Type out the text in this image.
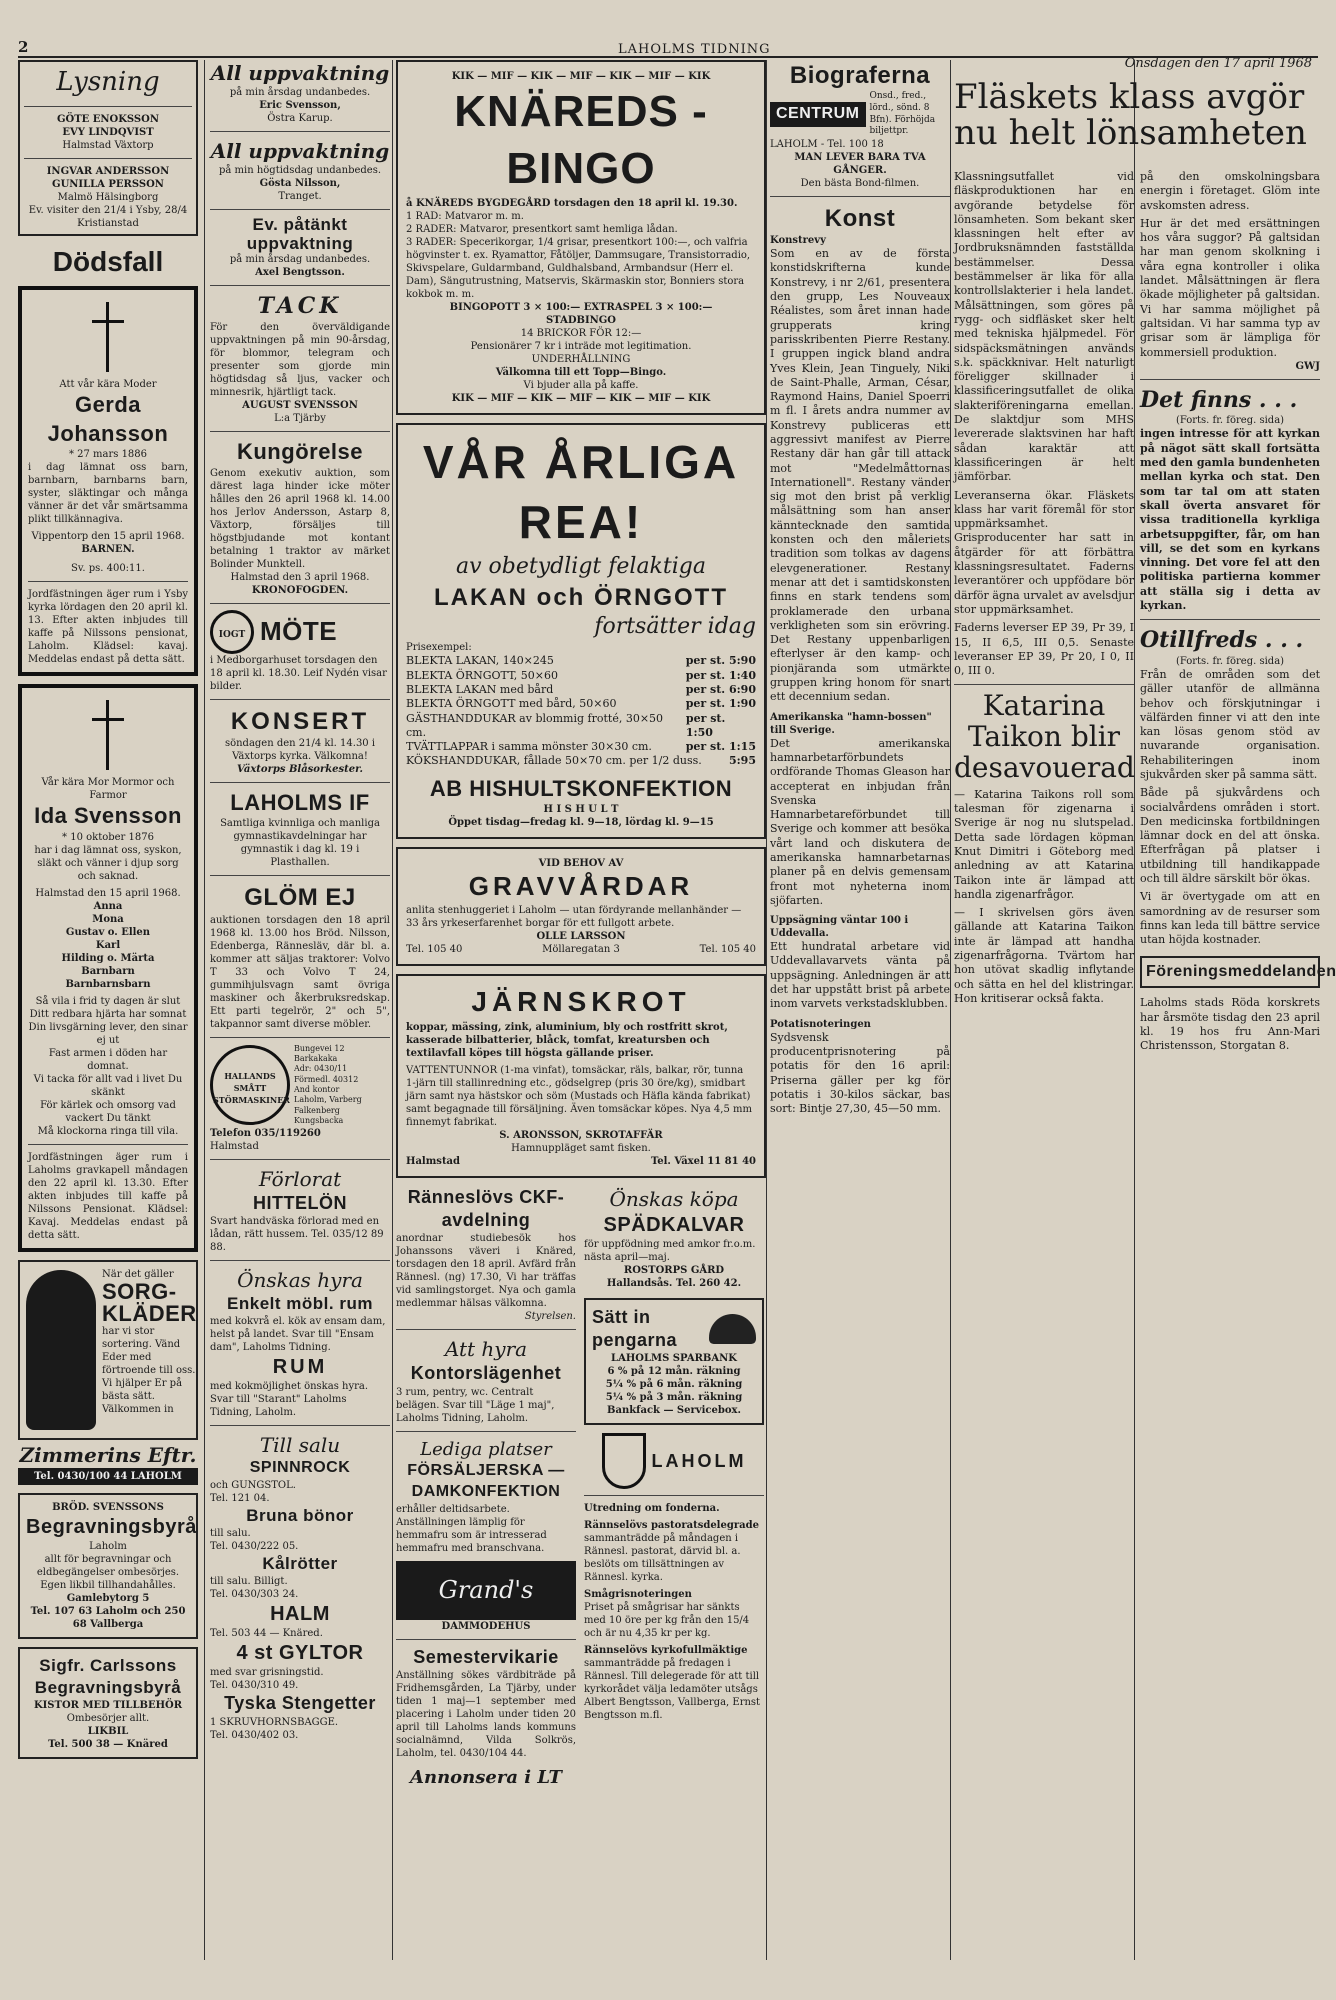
2	LAHOLMS TIDNING
Onsdagen den 17 april 1968
Lysning
GÖTE ENOKSSON
EVY LINDQVIST
Halmstad Växtorp
INGVAR ANDERSSON
GUNILLA PERSSON
Malmö Hälsingborg
Ev. visiter den 21/4 i Ysby, 28/4 Kristianstad
Dödsfall
Att vår kära Moder
Gerda Johansson
* 27 mars 1886
i dag lämnat oss barn, barnbarn, barnbarns barn, syster, släktingar och många vänner är det vår smärtsamma plikt tillkännagiva.
Vippentorp den 15 april 1968.
BARNEN.
Sv. ps. 400:11.
Jordfästningen äger rum i Ysby kyrka lördagen den 20 april kl. 13. Efter akten inbjudes till kaffe på Nilssons pensionat, Laholm. Klädsel: kavaj. Meddelas endast på detta sätt.
Vår kära Mor Mormor och Farmor
Ida Svensson
* 10 oktober 1876
har i dag lämnat oss, syskon, släkt och vänner i djup sorg och saknad.
Halmstad den 15 april 1968.
Anna
Mona
Gustav o. Ellen
Karl
Hilding o. Märta
Barnbarn
Barnbarnsbarn
Så vila i frid ty dagen är slut
Ditt redbara hjärta har somnat
Din livsgärning lever, den sinar ej ut
Fast armen i döden har domnat.
Vi tacka för allt vad i livet Du skänkt
För kärlek och omsorg vad vackert Du tänkt
Må klockorna ringa till vila.
Jordfästningen äger rum i Laholms gravkapell måndagen den 22 april kl. 13.30. Efter akten inbjudes till kaffe på Nilssons Pensionat. Klädsel: Kavaj. Meddelas endast på detta sätt.
När det gäller
SORG-KLÄDER
har vi stor sortering. Vänd Eder med förtroende till oss. Vi hjälper Er på bästa sätt. Välkommen in
Zimmerins Eftr.
Tel. 0430/100 44 LAHOLM
BRÖD. SVENSSONS
Begravningsbyrå
Laholm
allt för begravningar och eldbegängelser ombesörjes. Egen likbil tillhandahålles.
Gamlebytorg 5
Tel. 107 63 Laholm och 250 68 Vallberga
Sigfr. Carlssons Begravningsbyrå
KISTOR MED TILLBEHÖR
Ombesörjer allt.
LIKBIL
Tel. 500 38 — Knäred
All uppvaktning
på min årsdag undanbedes.
Eric Svensson,
Östra Karup.
All uppvaktning
på min högtidsdag undanbedes.
Gösta Nilsson,
Tranget.
Ev. påtänkt uppvaktning
på min årsdag undanbedes.
Axel Bengtsson.
TACK
För den överväldigande uppvaktningen på min 90-årsdag, för blommor, telegram och presenter som gjorde min högtidsdag så ljus, vacker och minnesrik, hjärtligt tack.
AUGUST SVENSSON
L:a Tjärby
Kungörelse
Genom exekutiv auktion, som därest laga hinder icke möter hålles den 26 april 1968 kl. 14.00 hos Jerlov Andersson, Astarp 8, Växtorp, försäljes till högstbjudande mot kontant betalning 1 traktor av märket Bolinder Munktell.
Halmstad den 3 april 1968.
KRONOFOGDEN.
IOGT MÖTE
i Medborgarhuset torsdagen den 18 april kl. 18.30. Leif Nydén visar bilder.
KONSERT
söndagen den 21/4 kl. 14.30 i Växtorps kyrka. Välkomna!
Växtorps Blåsorkester.
LAHOLMS IF
Samtliga kvinnliga och manliga gymnastikavdelningar har gymnastik i dag kl. 19 i Plasthallen.
GLÖM EJ
auktionen torsdagen den 18 april 1968 kl. 13.00 hos Bröd. Nilsson, Edenberga, Rännesläv, där bl. a. kommer att säljas traktorer: Volvo T 33 och Volvo T 24, gummihjulsvagn samt övriga maskiner och åkerbruksredskap. Ett parti tegelrör, 2" och 5", takpannor samt diverse möbler.
HALLANDS SMÅTT STÖRMASKINER
Bungevei 12
Barkakaka
Adr: 0430/11
Förmedl. 40312
And kontor
Laholm, Varberg
Falkenberg
Kungsbacka
Telefon 035/119260
Halmstad
Förlorat
HITTELÖN
Svart handväska förlorad med en lådan, rätt hussem. Tel. 035/12 89 88.
Önskas hyra
Enkelt möbl. rum
med kokvrå el. kök av ensam dam, helst på landet. Svar till "Ensam dam", Laholms Tidning.
RUM
med kokmöjlighet önskas hyra. Svar till "Starant" Laholms Tidning, Laholm.
Till salu
SPINNROCK
och GUNGSTOL.
Tel. 121 04.
Bruna bönor
till salu.
Tel. 0430/222 05.
Kålrötter
till salu. Billigt.
Tel. 0430/303 24.
HALM
Tel. 503 44 — Knäred.
4 st GYLTOR
med svar grisningstid.
Tel. 0430/310 49.
Tyska Stengetter
1 SKRUVHORNSBAGGE.
Tel. 0430/402 03.
KIK — MIF — KIK — MIF — KIK — MIF — KIK
KNÄREDS - BINGO
å KNÄREDS BYGDEGÅRD torsdagen den 18 april kl. 19.30.
1 RAD: Matvaror m. m.
2 RADER: Matvaror, presentkort samt hemliga lådan.
3 RADER: Specerikorgar, 1/4 grisar, presentkort 100:—, och valfria högvinster t. ex. Ryamattor, Fåtöljer, Dammsugare, Transistorradio, Skivspelare, Guldarmband, Guldhalsband, Armbandsur (Herr el. Dam), Sängutrustning, Matservis, Skärmaskin stor, Bonniers stora kokbok m. m.
BINGOPOTT 3 × 100:— EXTRASPEL 3 × 100:—
STADBINGO
14 BRICKOR FÖR 12:—
Pensionärer 7 kr i inträde mot legitimation.
UNDERHÅLLNING
Välkomna till ett Topp—Bingo.
Vi bjuder alla på kaffe.
KIK — MIF — KIK — MIF — KIK — MIF — KIK
VÅR ÅRLIGA REA!
av obetydligt felaktiga
LAKAN och ÖRNGOTT
fortsätter idag
Prisexempel:
BLEKTA LAKAN, 140×245	per st. 5:90
BLEKTA ÖRNGOTT, 50×60	per st. 1:40
BLEKTA LAKAN med bård	per st. 6:90
BLEKTA ÖRNGOTT med bård, 50×60	per st. 1:90
GÄSTHANDDUKAR av blommig frotté, 30×50 cm.
per st. 1:50
TVÄTTLAPPAR i samma mönster 30×30 cm.	per st. 1:15
KÖKSHANDDUKAR, fållade 50×70 cm. per 1/2 duss. 5:95
AB HISHULTSKONFEKTION
H I S H U L T
Öppet tisdag—fredag kl. 9—18, lördag kl. 9—15
VID BEHOV AV
GRAVVÅRDAR
anlita stenhuggeriet i Laholm — utan fördyrande mellanhänder — 33 års yrkeserfarenhet borgar för ett fullgott arbete.
OLLE LARSSON
Tel. 105 40	Möllaregatan 3	Tel. 105 40
JÄRNSKROT
koppar, mässing, zink, aluminium, bly och rostfritt skrot, kasserade bilbatterier, blåck, tomfat, kreatursben och textilavfall köpes till högsta gällande priser.
VATTENTUNNOR (1-ma vinfat), tomsäckar, räls, balkar, rör, tunna 1-järn till stallinredning etc., gödselgrep (pris 30 öre/kg), smidbart järn samt nya hästskor och söm (Mustads och Häfla kända fabrikat) samt begagnade till försäljning. Även tomsäckar köpes. Nya 4,5 mm finnemyt fabrikat.
S. ARONSSON, SKROTAFFÄR
Hamnuppläget samt fisken.
Halmstad	Tel. Växel 11 81 40
Ränneslövs CKF-avdelning
anordnar studiebesök hos Johanssons väveri i Knäred, torsdagen den 18 april. Avfärd från Rännesl. (ng) 17.30, Vi har träffas vid samlingstorget. Nya och gamla medlemmar hälsas välkomna.
Styrelsen.
Att hyra
Kontorslägenhet
3 rum, pentry, wc. Centralt belägen. Svar till "Läge 1 maj", Laholms Tidning, Laholm.
Lediga platser
FÖRSÄLJERSKA — DAMKONFEKTION
erhåller deltidsarbete. Anställningen lämplig för hemmafru som är intresserad hemmafru med branschvana.
Grand's
DAMMODEHUS
Semestervikarie
Anställning sökes värdbiträde på Fridhemsgården, La Tjärby, under tiden 1 maj—1 september med placering i Laholm under tiden 20 april till Laholms lands kommuns socialnämnd, Vilda Solkrös, Laholm, tel. 0430/104 44.
Annonsera i LT
Önskas köpa
SPÄDKALVAR
för uppfödning med amkor fr.o.m. nästa april—maj.
ROSTORPS GÅRD
Hallandsås. Tel. 260 42.
Sätt in pengarna
LAHOLMS SPARBANK
6 % på 12 mån. räkning
5¼ % på 6 mån. räkning
5¼ % på 3 mån. räkning
Bankfack — Servicebox.
LAHOLM
Utredning om fonderna.
Rännselövs pastoratsdelegrade
sammanträdde på måndagen i Rännesl. pastorat, därvid bl. a. beslöts om tillsättningen av Rännesl. kyrka.
Smågrisnoteringen
Priset på smågrisar har sänkts med 10 öre per kg från den 15/4 och är nu 4,35 kr per kg.
Rännselövs kyrkofullmäktige
sammanträdde på fredagen i Rännesl. Till delegerade för att till kyrkorådet välja ledamöter utsågs Albert Bengtsson, Vallberga, Ernst Bengtsson m.fl.
Biograferna
CENTRUM
Onsd., fred., lörd., sönd. 8
Bfn). Förhöjda biljettpr.
LAHOLM - Tel. 100 18
MAN LEVER BARA TVA GÅNGER.
Den bästa Bond-filmen.
Konst
Konstrevy
Som en av de första konstidskrifterna kunde Konstrevy, i nr 2/61, presentera den grupp, Les Nouveaux Réalistes, som året innan hade grupperats kring parisskribenten Pierre Restany. I gruppen ingick bland andra Yves Klein, Jean Tinguely, Niki de Saint-Phalle, Arman, César, Raymond Hains, Daniel Spoerri m fl. I årets andra nummer av Konstrevy publiceras ett aggressivt manifest av Pierre Restany där han går till attack mot "Medelmåttornas Internationell". Restany vänder sig mot den brist på verklig målsättning som han anser känntecknade den samtida konsten och den måleriets tradition som tolkas av dagens elevgenerationer. Restany menar att det i samtidskonsten finns en stark tendens som proklamerade den urbana verkligheten som sin erövring. Det Restany uppenbarligen efterlyser är den kamp- och pionjäranda som utmärkte gruppen kring honom för snart ett decennium sedan.
Amerikanska "hamn-bossen" till Sverige.
Det amerikanska hamnarbetarförbundets ordförande Thomas Gleason har accepterat en inbjudan från Svenska Hamnarbetareförbundet till Sverige och kommer att besöka vårt land och diskutera de amerikanska hamnarbetarnas planer på en delvis gemensam front mot nyheterna inom sjöfarten.
Uppsägning väntar 100 i Uddevalla.
Ett hundratal arbetare vid Uddevallavarvets vänta på uppsägning. Anledningen är att det har uppstått brist på arbete inom varvets verkstadsklubben.
Potatisnoteringen
Sydsvensk producentprisnotering på potatis för den 16 april: Priserna gäller per kg för potatis i 30-kilos säckar, bas sort: Bintje 27,30, 45—50 mm.
Fläskets klass avgör nu helt lönsamheten
Klassningsutfallet vid fläskproduktionen har en avgörande betydelse för lönsamheten. Som bekant sker klassningen helt efter av Jordbruksnämnden fastställda bestämmelser. Dessa bestämmelser är lika för alla kontrollslakterier i hela landet. Målsättningen, som göres på rygg- och sidfläsket sker helt med tekniska hjälpmedel. För sidspäcksmätningen används s.k. späckknivar. Helt naturligt föreligger skillnader i klassificeringsutfallet de olika slakteriföreningarna emellan. De slaktdjur som MHS levererade slaktsvinen har haft sådan karaktär att klassificeringen är helt jämförbar.
Leveranserna ökar. Fläskets klass har varit föremål för stor uppmärksamhet. Grisproducenter har satt in åtgärder för att förbättra klassningsresultatet. Faderns leverantörer och uppfödare bör därför ägna urvalet av avelsdjur stor uppmärksamhet.
Faderns leverser EP 39, Pr 39, I 15, II 6,5, III 0,5. Senaste leveranser EP 39, Pr 20, I 0, II 0, III 0.
Katarina Taikon blir desavouerad
— Katarina Taikons roll som talesman för zigenarna i Sverige är nog nu slutspelad. Detta sade lördagen köpman Knut Dimitri i Göteborg med anledning av att Katarina Taikon inte är lämpad att handla zigenarfrågor.
— I skrivelsen görs även gällande att Katarina Taikon inte är lämpad att handha zigenarfrågorna. Tvärtom har hon utövat skadlig inflytande och sätta en hel del klistringar. Hon kritiserar också fakta.
på den omskolningsbara energin i företaget. Glöm inte avskomsten adress.
Hur är det med ersättningen hos våra suggor? På galtsidan har man genom skolkning i våra egna kontroller i olika landet. Målsättningen är flera ökade möjligheter på galtsidan. Vi har samma möjlighet på galtsidan. Vi har samma typ av grisar som är lämpliga för kommersiell produktion.
GWJ
Det finns . . .
(Forts. fr. föreg. sida)
ingen intresse för att kyrkan på nägot sätt skall fortsätta med den gamla bundenheten mellan kyrka och stat. Den som tar tal om att staten skall överta ansvaret för vissa traditionella kyrkliga arbetsuppgifter, får, om han vill, se det som en kyrkans vinning. Det vore fel att den politiska partierna kommer att ställa sig i detta av kyrkan.
Otillfreds . . .
(Forts. fr. föreg. sida)
Från de områden som det gäller utanför de allmänna behov och förskjutningar i välfärden finner vi att den inte kan lösas genom stöd av nuvarande organisation. Rehabiliteringen inom sjukvården sker på samma sätt.
Både på sjukvårdens och socialvårdens områden i stort. Den medicinska fortbildningen lämnar dock en del att önska. Efterfrågan på platser i utbildning till handikappade och till äldre särskilt bör ökas.
Vi är övertygade om att en samordning av de resurser som finns kan leda till bättre service utan höjda kostnader.
Föreningsmeddelanden
Laholms stads Röda korskrets har årsmöte tisdag den 23 april kl. 19 hos fru Ann-Mari Christensson, Storgatan 8.
